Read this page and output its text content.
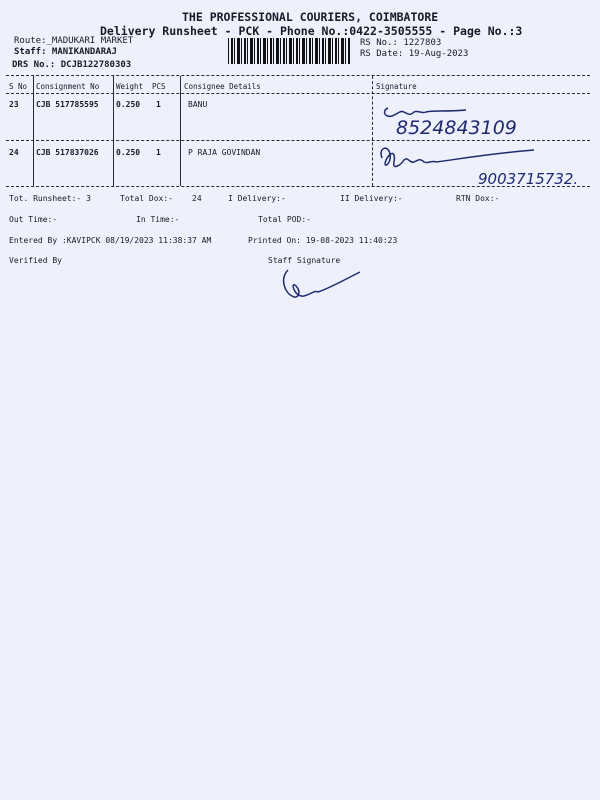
THE PROFESSIONAL COURIERS, COIMBATORE
Delivery Runsheet - PCK - Phone No.:0422-3505555 - Page No.:3
Route:_MADUKARI MARKET
Staff: MANIKANDARAJ
DRS No.: DCJB122780303
RS No.: 1227803
RS Date: 19-Aug-2023
S No Consignment No Weight PCS Consignee Details	Signature
23 CJB 517785595 0.250 1	BANU
8524843109
24 CJB 517837026 0.250 1	P RAJA GOVINDAN
9003715732.
Tot. Runsheet:- 3	Total Dox:- 24	I Delivery:-	II Delivery:-	RTN Dox:-
Out Time:-	In Time:-	Total POD:-
Entered By :KAVIPCK 08/19/2023 11:38:37 AM	Printed On: 19-08-2023 11:40:23
Verified By	Staff Signature
